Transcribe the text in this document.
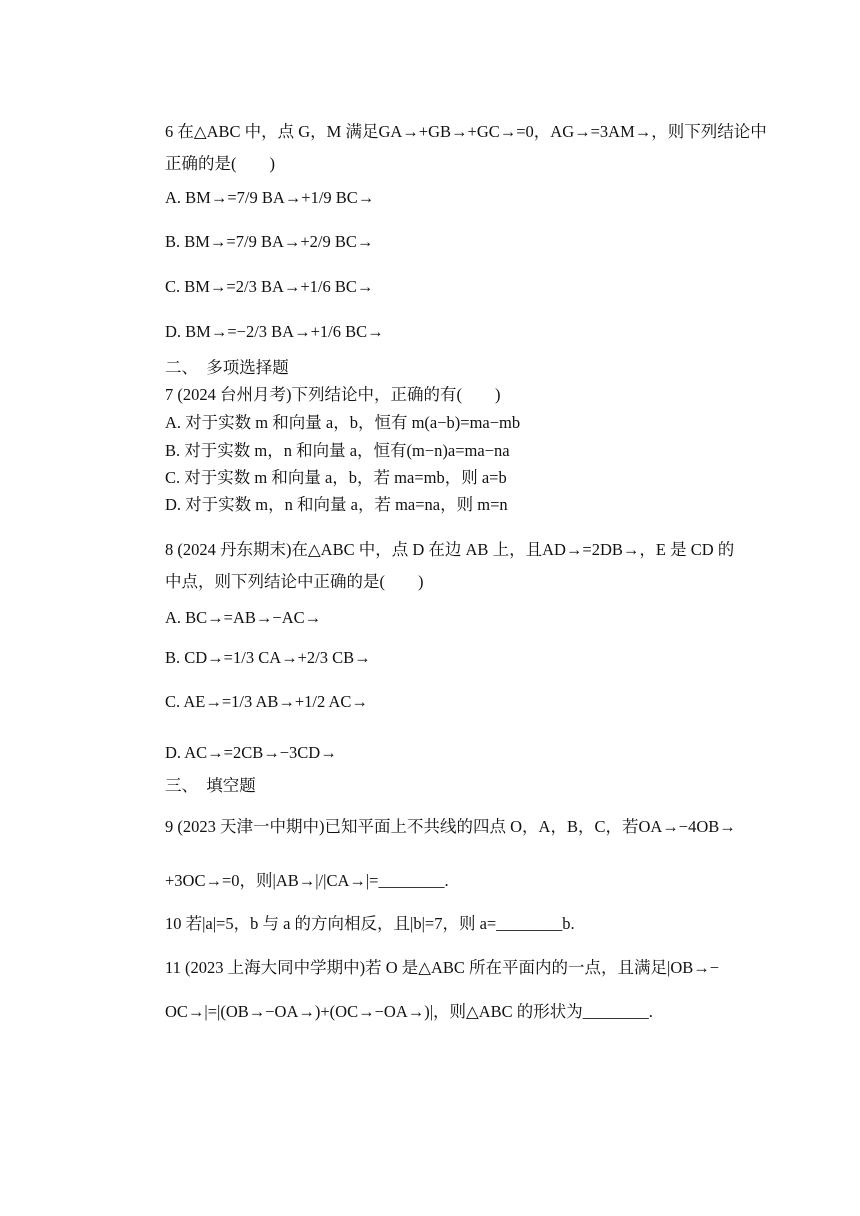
6 在△ABC 中，点 G，M 满足GA→+GB→+GC→=0，AG→=3AM→，则下列结论中
正确的是(　　)
A. BM→=7/9 BA→+1/9 BC→
B. BM→=7/9 BA→+2/9 BC→
C. BM→=2/3 BA→+1/6 BC→
D. BM→=−2/3 BA→+1/6 BC→
二、　多项选择题
7 (2024 台州月考)下列结论中，正确的有(　　)
A. 对于实数 m 和向量 a，b，恒有 m(a−b)=ma−mb
B. 对于实数 m，n 和向量 a，恒有(m−n)a=ma−na
C. 对于实数 m 和向量 a，b，若 ma=mb，则 a=b
D. 对于实数 m，n 和向量 a，若 ma=na，则 m=n
8 (2024 丹东期末)在△ABC 中，点 D 在边 AB 上，且AD→=2DB→，E 是 CD 的
中点，则下列结论中正确的是(　　)
A. BC→=AB→−AC→
B. CD→=1/3 CA→+2/3 CB→
C. AE→=1/3 AB→+1/2 AC→
D. AC→=2CB→−3CD→
三、　填空题
9 (2023 天津一中期中)已知平面上不共线的四点 O，A，B，C，若OA→−4OB→
+3OC→=0，则|AB→|/|CA→|=________.
10 若|a|=5，b 与 a 的方向相反，且|b|=7，则 a=________b.
11 (2023 上海大同中学期中)若 O 是△ABC 所在平面内的一点，且满足|OB→−
OC→|=|(OB→−OA→)+(OC→−OA→)|，则△ABC 的形状为________.
